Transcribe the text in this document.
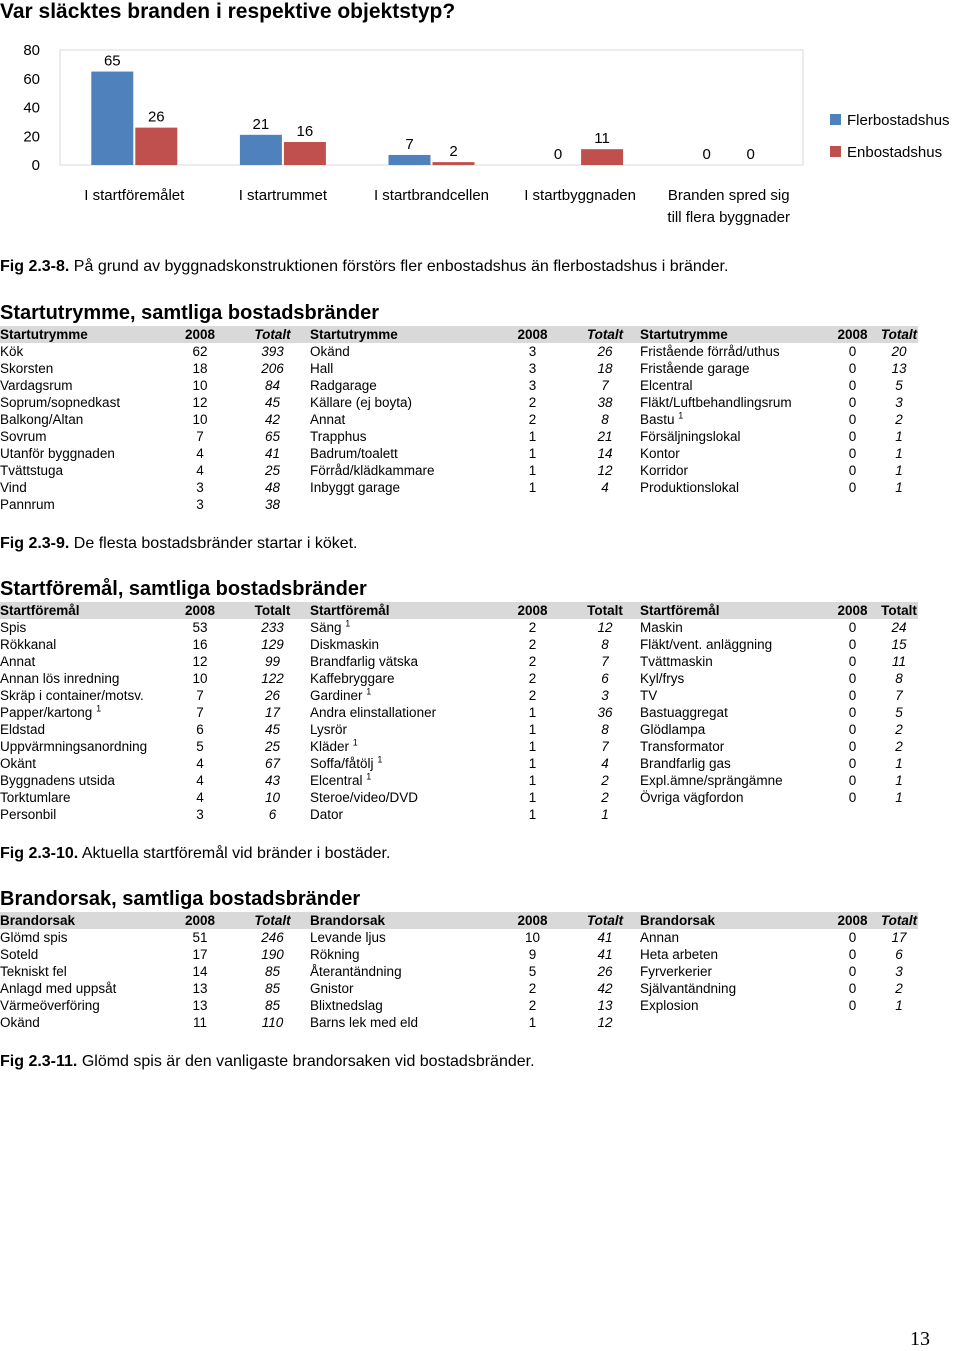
Var släcktes branden i respektive objektstyp?
80
60
40
20
0
65
26
I startföremålet
21 16
I startrummet
7 2
I startbrandcellen
0
11
I startbyggnaden
0 0
Branden spred sig
till flera byggnader
Flerbostadshus
Enbostadshus
Fig 2.3-8. På grund av byggnadskonstruktionen förstörs fler enbostadshus än flerbostadshus i bränder.
Startutrymme, samtliga bostadsbränder
Startutrymme	2008	Totalt	Startutrymme	2008	Totalt	Startutrymme	2008	Totalt
Kök	62	393	Okänd	3	26	Fristående förråd/uthus	0	20
Skorsten	18	206	Hall	3	18	Fristående garage	0	13
Vardagsrum	10	84	Radgarage	3	7	Elcentral	0	5
Soprum/sopnedkast	12	45	Källare (ej boyta)	2	38	Fläkt/Luftbehandlingsrum	0	3
Balkong/Altan	10	42	Annat	2	8	Bastu $^1$	0	2
Sovrum	7	65	Trapphus	1	21	Försäljningslokal	0	1
Utanför byggnaden	4	41	Badrum/toalett	1	14	Kontor	0	1
Tvättstuga	4	25	Förråd/klädkammare	1	12	Korridor	0	1
Vind	3	48	Inbyggt garage	1	4	Produktionslokal	0	1
Pannrum	3	38						
Fig 2.3-9. De flesta bostadsbränder startar i köket.
Startföremål, samtliga bostadsbränder
Startföremål	2008	Totalt	Startföremål	2008	Totalt	Startföremål	2008	Totalt
Spis	53	233	Säng $^1$	2	12	Maskin	0	24
Rökkanal	16	129	Diskmaskin	2	8	Fläkt/vent. anläggning	0	15
Annat	12	99	Brandfarlig vätska	2	7	Tvättmaskin	0	11
Annan lös inredning	10	122	Kaffebryggare	2	6	Kyl/frys	0	8
Skräp i container/motsv.	7	26	Gardiner $^1$	2	3	TV	0	7
Papper/kartong $^1$	7	17	Andra elinstallationer	1	36	Bastuaggregat	0	5
Eldstad	6	45	Lysrör	1	8	Glödlampa	0	2
Uppvärmningsanordning	5	25	Kläder $^1$	1	7	Transformator	0	2
Okänt	4	67	Soffa/fåtölj $^1$	1	4	Brandfarlig gas	0	1
Byggnadens utsida	4	43	Elcentral $^1$	1	2	Expl.ämne/sprängämne	0	1
Torktumlare	4	10	Steroe/video/DVD	1	2	Övriga vägfordon	0	1
Personbil	3	6	Dator	1	1			
Fig 2.3-10. Aktuella startföremål vid bränder i bostäder.
Brandorsak, samtliga bostadsbränder
Brandorsak	2008	Totalt	Brandorsak	2008	Totalt	Brandorsak	2008	Totalt
Glömd spis	51	246	Levande ljus	10	41	Annan	0	17
Soteld	17	190	Rökning	9	41	Heta arbeten	0	6
Tekniskt fel	14	85	Återantändning	5	26	Fyrverkerier	0	3
Anlagd med uppsåt	13	85	Gnistor	2	42	Självantändning	0	2
Värmeöverföring	13	85	Blixtnedslag	2	13	Explosion	0	1
Okänd	11	110	Barns lek med eld	1	12			
Fig 2.3-11. Glömd spis är den vanligaste brandorsaken vid bostadsbränder.
13
